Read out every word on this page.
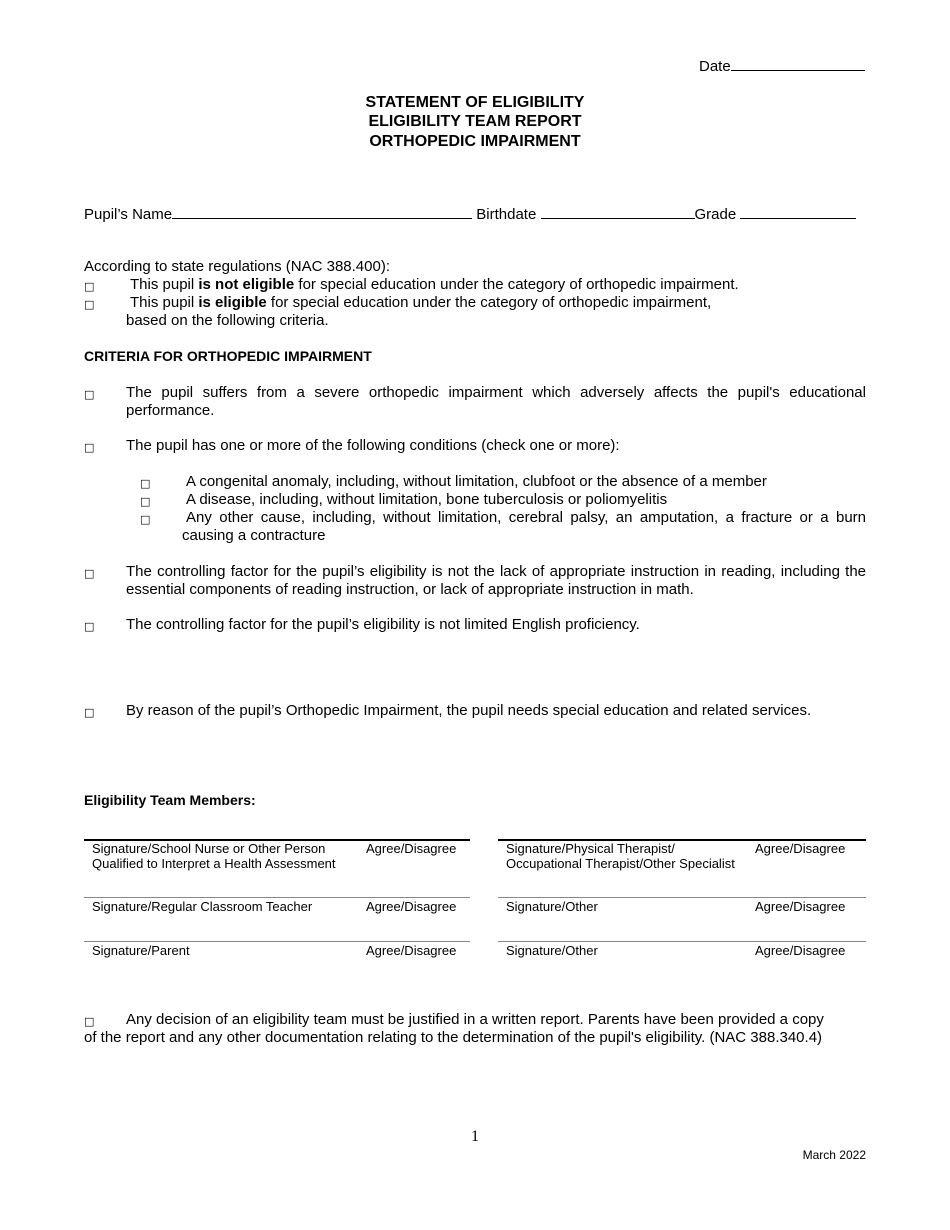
Date
STATEMENT OF ELIGIBILITY
ELIGIBILITY TEAM REPORT
ORTHOPEDIC IMPAIRMENT
Pupil’s Name	Birthdate	Grade
According to state regulations (NAC 388.400):
□ This pupil is not eligible for special education under the category of orthopedic impairment.
□ This pupil is eligible for special education under the category of orthopedic impairment,
based on the following criteria.
CRITERIA FOR ORTHOPEDIC IMPAIRMENT
□ The pupil suffers from a severe orthopedic impairment which adversely affects the pupil's educational performance.
□ The pupil has one or more of the following conditions (check one or more):
□ A congenital anomaly, including, without limitation, clubfoot or the absence of a member
□ A disease, including, without limitation, bone tuberculosis or poliomyelitis
□ Any other cause, including, without limitation, cerebral palsy, an amputation, a fracture or a burn
causing a contracture
□ The controlling factor for the pupil’s eligibility is not the lack of appropriate instruction in reading, including the essential components of reading instruction, or lack of appropriate instruction in math.
□ The controlling factor for the pupil’s eligibility is not limited English proficiency.
□ By reason of the pupil’s Orthopedic Impairment, the pupil needs special education and related services.
Eligibility Team Members:
Signature/School Nurse or Other Person
Qualified to Interpret a Health Assessment
Agree/Disagree
Signature/Regular Classroom Teacher	Agree/Disagree
Signature/Parent	Agree/Disagree
Signature/Physical Therapist/
Occupational Therapist/Other Specialist
Agree/Disagree
Signature/Other	Agree/Disagree
Signature/Other	Agree/Disagree
□ Any decision of an eligibility team must be justified in a written report. Parents have been provided a copy
of the report and any other documentation relating to the determination of the pupil's eligibility. (NAC 388.340.4)
1
March 2022
